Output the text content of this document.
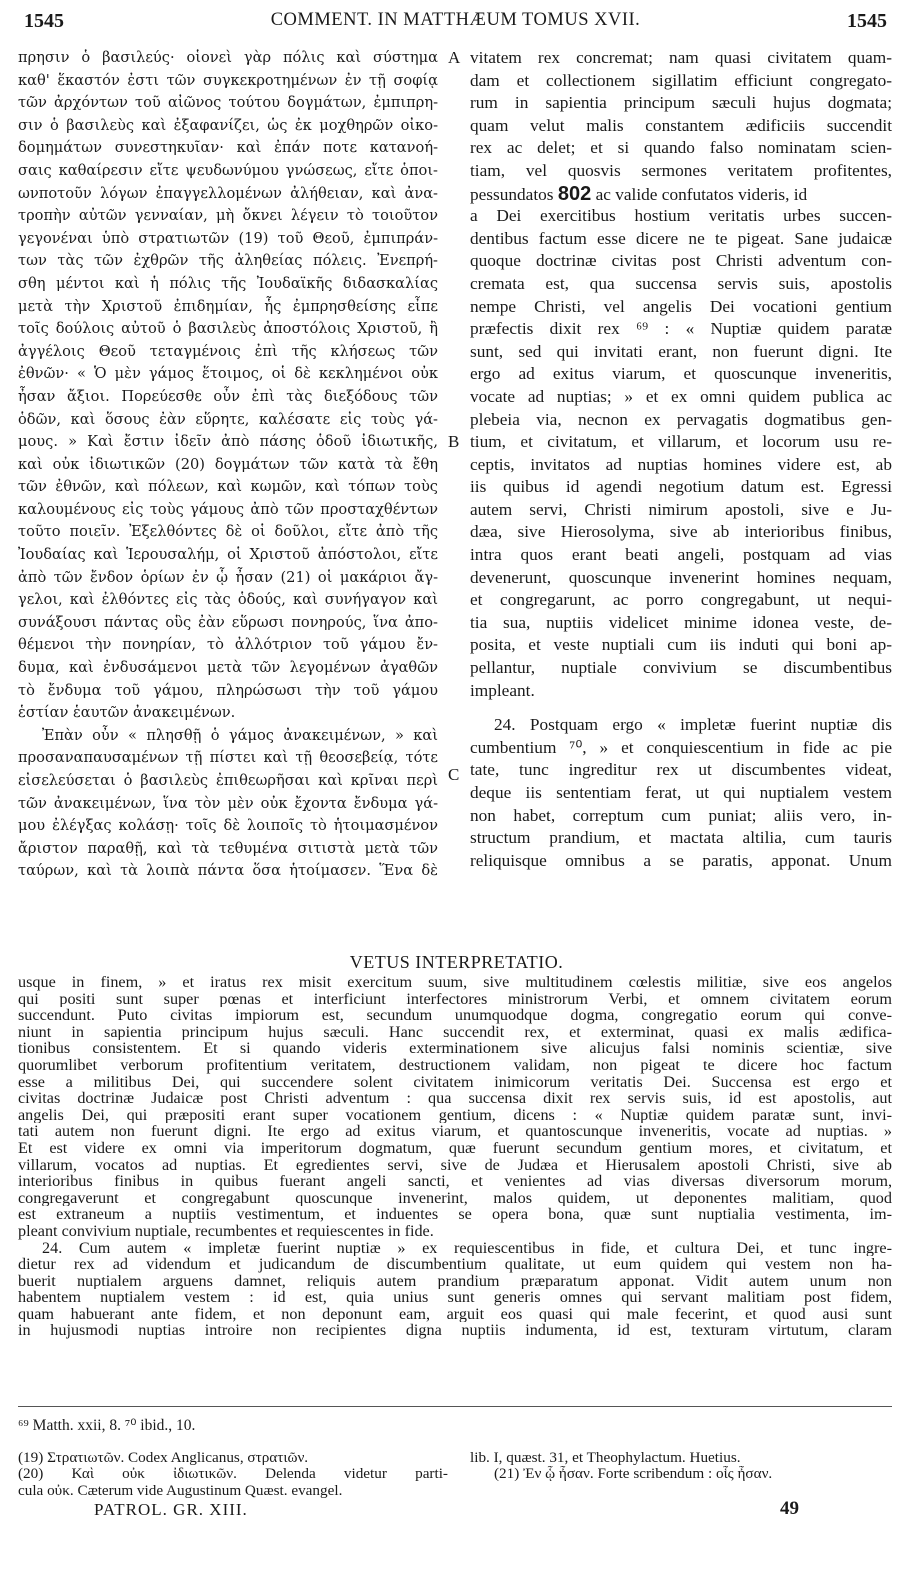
1545	COMMENT. IN MATTHÆUM TOMUS XVII.	1545
A
B
C
πρησιν ὁ βασιλεύς· οἱονεὶ γὰρ πόλις καὶ σύστημα
καθ' ἕκαστόν ἐστι τῶν συγκεκροτημένων ἐν τῇ σοφίᾳ
τῶν ἀρχόντων τοῦ αἰῶνος τούτου δογμάτων, ἐμπιπρη-
σιν ὁ βασιλεὺς καὶ ἐξαφανίζει, ὡς ἐκ μοχθηρῶν οἰκο-
δομημάτων συνεστηκυῖαν· καὶ ἐπάν ποτε κατανοή-
σαις καθαίρεσιν εἴτε ψευδωνύμου γνώσεως, εἴτε ὁποι-
ωνποτοῦν λόγων ἐπαγγελλομένων ἀλήθειαν, καὶ ἀνα-
τροπὴν αὐτῶν γενναίαν, μὴ ὄκνει λέγειν τὸ τοιοῦτον
γεγονέναι ὑπὸ στρατιωτῶν (19) τοῦ Θεοῦ, ἐμπιπράν-
των τὰς τῶν ἐχθρῶν τῆς ἀληθείας πόλεις. Ἐνεπρή-
σθη μέντοι καὶ ἡ πόλις τῆς Ἰουδαϊκῆς διδασκαλίας
μετὰ τὴν Χριστοῦ ἐπιδημίαν, ἧς ἐμπρησθείσης εἶπε
τοῖς δούλοις αὐτοῦ ὁ βασιλεὺς ἀποστόλοις Χριστοῦ, ἢ
ἀγγέλοις Θεοῦ τεταγμένοις ἐπὶ τῆς κλήσεως τῶν
ἐθνῶν· « Ὁ μὲν γάμος ἕτοιμος, οἱ δὲ κεκλημένοι οὐκ
ἦσαν ἄξιοι. Πορεύεσθε οὖν ἐπὶ τὰς διεξόδους τῶν
ὁδῶν, καὶ ὅσους ἐὰν εὕρητε, καλέσατε εἰς τοὺς γά-
μους. » Καὶ ἔστιν ἰδεῖν ἀπὸ πάσης ὁδοῦ ἰδιωτικῆς,
καὶ οὐκ ἰδιωτικῶν (20) δογμάτων τῶν κατὰ τὰ ἔθη
τῶν ἐθνῶν, καὶ πόλεων, καὶ κωμῶν, καὶ τόπων τοὺς
καλουμένους εἰς τοὺς γάμους ἀπὸ τῶν προσταχθέντων
τοῦτο ποιεῖν. Ἐξελθόντες δὲ οἱ δοῦλοι, εἴτε ἀπὸ τῆς
Ἰουδαίας καὶ Ἱερουσαλήμ, οἱ Χριστοῦ ἀπόστολοι, εἴτε
ἀπὸ τῶν ἔνδον ὁρίων ἐν ᾧ ἦσαν (21) οἱ μακάριοι ἄγ-
γελοι, καὶ ἐλθόντες εἰς τὰς ὁδούς, καὶ συνήγαγον καὶ
συνάξουσι πάντας οὓς ἐὰν εὕρωσι πονηρούς, ἵνα ἀπο-
θέμενοι τὴν πονηρίαν, τὸ ἀλλότριον τοῦ γάμου ἔν-
δυμα, καὶ ἐνδυσάμενοι μετὰ τῶν λεγομένων ἀγαθῶν
τὸ ἔνδυμα τοῦ γάμου, πληρώσωσι τὴν τοῦ γάμου
ἑστίαν ἑαυτῶν ἀνακειμένων.
Ἐπὰν οὖν « πλησθῇ ὁ γάμος ἀνακειμένων, » καὶ
προσαναπαυσαμένων τῇ πίστει καὶ τῇ θεοσεβείᾳ, τότε
εἰσελεύσεται ὁ βασιλεὺς ἐπιθεωρῆσαι καὶ κρῖναι περὶ
τῶν ἀνακειμένων, ἵνα τὸν μὲν οὐκ ἔχοντα ἔνδυμα γά-
μου ἐλέγξας κολάσῃ· τοῖς δὲ λοιποῖς τὸ ἡτοιμασμένον
ἄριστον παραθῇ, καὶ τὰ τεθυμένα σιτιστὰ μετὰ τῶν
ταύρων, καὶ τὰ λοιπὰ πάντα ὅσα ἡτοίμασεν. Ἕνα δὲ
vitatem rex concremat; nam quasi civitatem quam-
dam et collectionem sigillatim efficiunt congregato-
rum in sapientia principum sæculi hujus dogmata;
quam velut malis constantem ædificiis succendit
rex ac delet; et si quando falso nominatam scien-
tiam, vel quosvis sermones veritatem profitentes,
pessundatos 802 ac valide confutatos videris, id
a Dei exercitibus hostium veritatis urbes succen-
dentibus factum esse dicere ne te pigeat. Sane judaicæ
quoque doctrinæ civitas post Christi adventum con-
cremata est, qua succensa servis suis, apostolis
nempe Christi, vel angelis Dei vocationi gentium
præfectis dixit rex ⁶⁹ : « Nuptiæ quidem paratæ
sunt, sed qui invitati erant, non fuerunt digni. Ite
ergo ad exitus viarum, et quoscunque inveneritis,
vocate ad nuptias; » et ex omni quidem publica ac
plebeia via, necnon ex pervagatis dogmatibus gen-
tium, et civitatum, et villarum, et locorum usu re-
ceptis, invitatos ad nuptias homines videre est, ab
iis quibus id agendi negotium datum est. Egressi
autem servi, Christi nimirum apostoli, sive e Ju-
dæa, sive Hierosolyma, sive ab interioribus finibus,
intra quos erant beati angeli, postquam ad vias
devenerunt, quoscunque invenerint homines nequam,
et congregarunt, ac porro congregabunt, ut nequi-
tia sua, nuptiis videlicet minime idonea veste, de-
posita, et veste nuptiali cum iis induti qui boni ap-
pellantur, nuptiale convivium se discumbentibus
impleant.
24. Postquam ergo « impletæ fuerint nuptiæ dis
cumbentium ⁷⁰, » et conquiescentium in fide ac pie
tate, tunc ingreditur rex ut discumbentes videat,
deque iis sententiam ferat, ut qui nuptialem vestem
non habet, correptum cum puniat; aliis vero, in-
structum prandium, et mactata altilia, cum tauris
reliquisque omnibus a se paratis, apponat. Unum
VETUS INTERPRETATIO.
usque in finem, » et iratus rex misit exercitum suum, sive multitudinem cœlestis militiæ, sive eos angelos
qui positi sunt super pœnas et interficiunt interfectores ministrorum Verbi, et omnem civitatem eorum
succendunt. Puto civitas impiorum est, secundum unumquodque dogma, congregatio eorum qui conve-
niunt in sapientia principum hujus sæculi. Hanc succendit rex, et exterminat, quasi ex malis ædifica-
tionibus consistentem. Et si quando videris exterminationem sive alicujus falsi nominis scientiæ, sive
quorumlibet verborum profitentium veritatem, destructionem validam, non pigeat te dicere hoc factum
esse a militibus Dei, qui succendere solent civitatem inimicorum veritatis Dei. Succensa est ergo et
civitas doctrinæ Judaicæ post Christi adventum : qua succensa dixit rex servis suis, id est apostolis, aut
angelis Dei, qui præpositi erant super vocationem gentium, dicens : « Nuptiæ quidem paratæ sunt, invi-
tati autem non fuerunt digni. Ite ergo ad exitus viarum, et quantoscunque inveneritis, vocate ad nuptias. »
Et est videre ex omni via imperitorum dogmatum, quæ fuerunt secundum gentium mores, et civitatum, et
villarum, vocatos ad nuptias. Et egredientes servi, sive de Judæa et Hierusalem apostoli Christi, sive ab
interioribus finibus in quibus fuerant angeli sancti, et venientes ad vias diversas diversorum morum,
congregaverunt et congregabunt quoscunque invenerint, malos quidem, ut deponentes malitiam, quod
est extraneum a nuptiis vestimentum, et induentes se opera bona, quæ sunt nuptialia vestimenta, im-
pleant convivium nuptiale, recumbentes et requiescentes in fide.
24. Cum autem « impletæ fuerint nuptiæ » ex requiescentibus in fide, et cultura Dei, et tunc ingre-
dietur rex ad videndum et judicandum de discumbentium qualitate, ut eum quidem qui vestem non ha-
buerit nuptialem arguens damnet, reliquis autem prandium præparatum apponat. Vidit autem unum non
habentem nuptialem vestem : id est, quia unius sunt generis omnes qui servant malitiam post fidem,
quam habuerant ante fidem, et non deponunt eam, arguit eos quasi qui male fecerint, et quod ausi sunt
in hujusmodi nuptias introire non recipientes digna nuptiis indumenta, id est, texturam virtutum, claram
⁶⁹ Matth. xxii, 8. ⁷⁰ ibid., 10.
(19) Στρατιωτῶν. Codex Anglicanus, στρατιῶν.
(20) Καὶ οὐκ ἰδιωτικῶν. Delenda videtur parti-
cula οὐκ. Cæterum vide Augustinum Quæst. evangel.
lib. I, quæst. 31, et Theophylactum. Huetius.
(21) Ἐν ᾧ ἦσαν. Forte scribendum : οἷς ἦσαν.
PATROL. GR. XIII.	49
